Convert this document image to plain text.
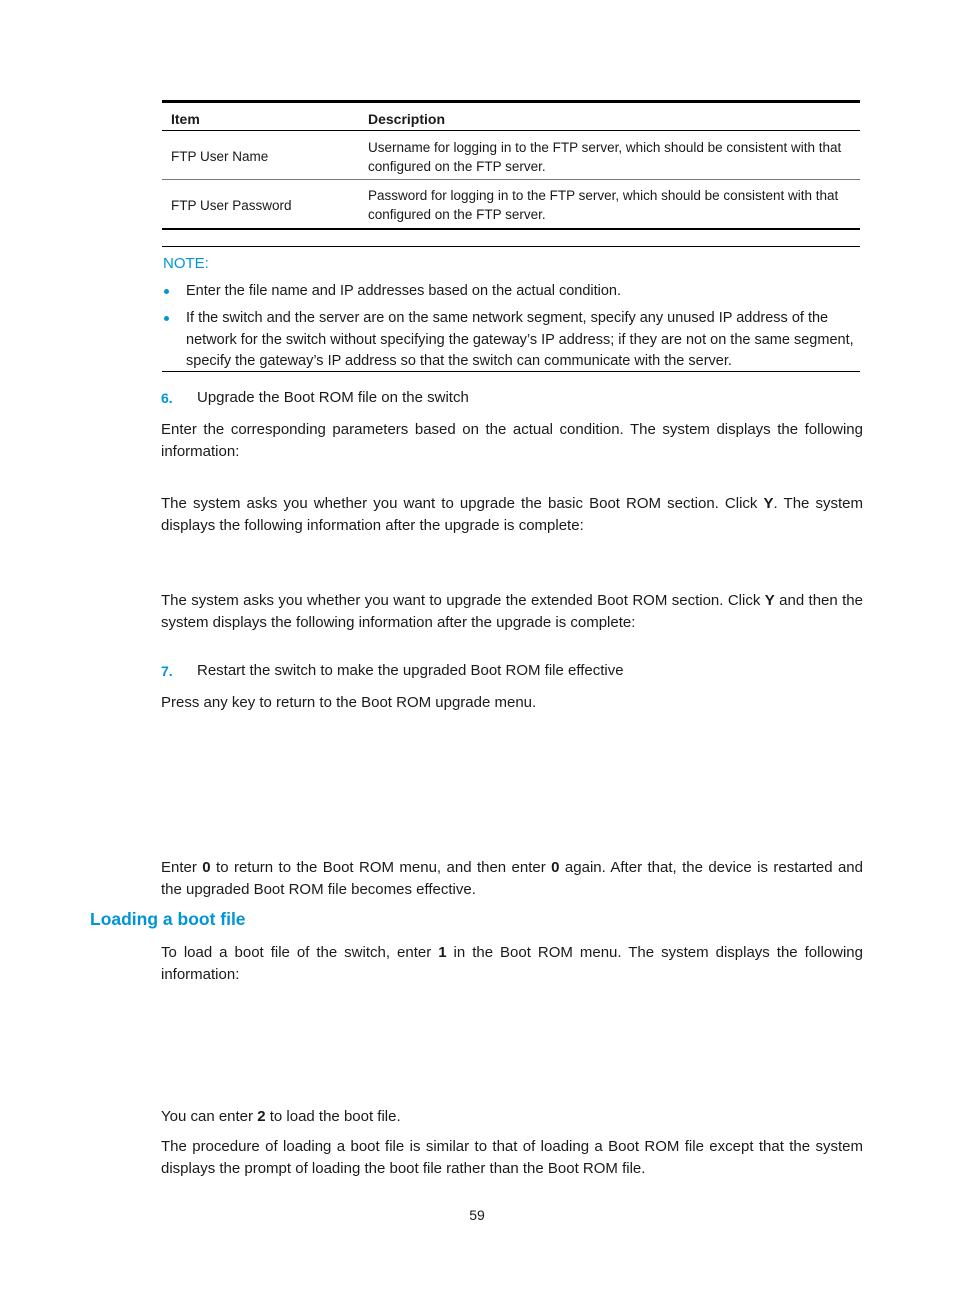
Item	Description
FTP User Name
Username for logging in to the FTP server, which should be consistent with that
configured on the FTP server.
FTP User Password
Password for logging in to the FTP server, which should be consistent with that
configured on the FTP server.
NOTE:
Enter the file name and IP addresses based on the actual condition.
If the switch and the server are on the same network segment, specify any unused IP address of the
network for the switch without specifying the gateway’s IP address; if they are not on the same segment,
specify the gateway’s IP address so that the switch can communicate with the server.
6. Upgrade the Boot ROM file on the switch
Enter the corresponding parameters based on the actual condition. The system displays the following information:
The system asks you whether you want to upgrade the basic Boot ROM section. Click Y. The system displays the following information after the upgrade is complete:
The system asks you whether you want to upgrade the extended Boot ROM section. Click Y and then the system displays the following information after the upgrade is complete:
7. Restart the switch to make the upgraded Boot ROM file effective
Press any key to return to the Boot ROM upgrade menu.
Enter 0 to return to the Boot ROM menu, and then enter 0 again. After that, the device is restarted and the upgraded Boot ROM file becomes effective.
Loading a boot file
To load a boot file of the switch, enter 1 in the Boot ROM menu. The system displays the following information:
You can enter 2 to load the boot file.
The procedure of loading a boot file is similar to that of loading a Boot ROM file except that the system displays the prompt of loading the boot file rather than the Boot ROM file.
59
